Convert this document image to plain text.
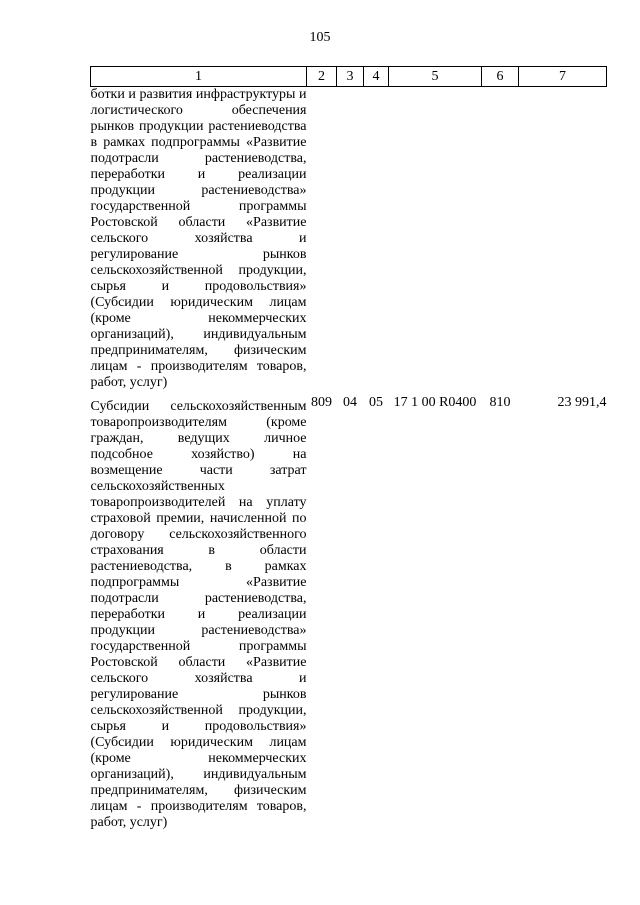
105
1	2	3	4	5	6	7
ботки и развития инфраструктуры и логистического обеспечения рынков продукции растениеводства в рамках подпрограммы «Развитие подотрасли растениеводства, переработки и реализации продукции растениеводства» государственной программы Ростовской области «Развитие сельского хозяйства и регулирование рынков сельскохозяйственной продукции, сырья и продовольствия» (Субсидии юридическим лицам (кроме некоммерческих организаций), индивидуальным предпринимателям, физическим лицам - производителям товаров, работ, услуг)						
Субсидии сельскохозяйственным товаропроизводителям (кроме граждан, ведущих личное подсобное хозяйство) на возмещение части затрат сельскохозяйственных товаропроизводителей на уплату страховой премии, начисленной по договору сельскохозяйственного страхования в области растениеводства, в рамках подпрограммы «Развитие подотрасли растениеводства, переработки и реализации продукции растениеводства» государственной программы Ростовской области «Развитие сельского хозяйства и регулирование рынков сельскохозяйственной продукции, сырья и продовольствия» (Субсидии юридическим лицам (кроме некоммерческих организаций), индивидуальным предпринимателям, физическим лицам - производителям товаров, работ, услуг)	809	04	05	17 1 00 R0400	810	23 991,4
